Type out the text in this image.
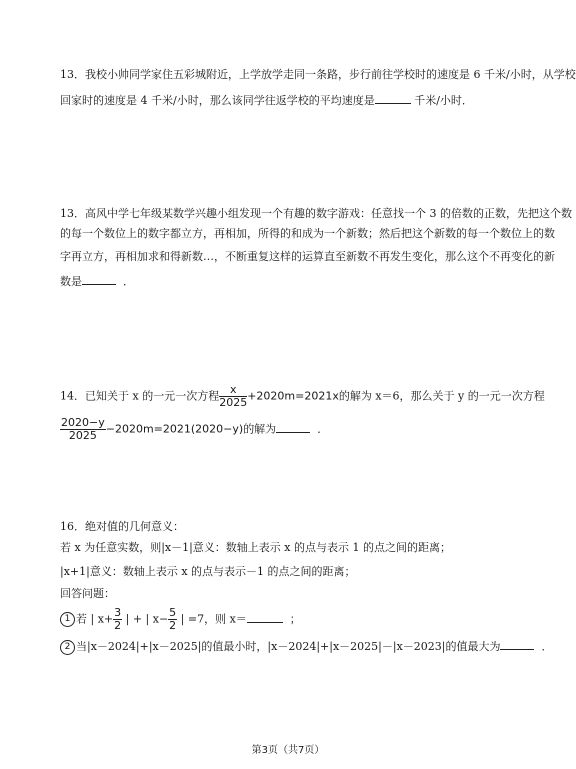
13．我校小帅同学家住五彩城附近，上学放学走同一条路，步行前往学校时的速度是 6 千米/小时，从学校
回家时的速度是 4 千米/小时，那么该同学往返学校的平均速度是	千米/小时．
13．高风中学七年级某数学兴趣小组发现一个有趣的数字游戏：任意找一个 3 的倍数的正数，先把这个数
的每一个数位上的数字都立方，再相加，所得的和成为一个新数；然后把这个新数的每一个数位上的数
字再立方，再相加求和得新数…，不断重复这样的运算直至新数不再发生变化，那么这个不再变化的新
数是	．
14．已知关于 x 的一元一次方程 $\frac{x}{2025} +2020m=2021x$的解为 x＝6，那么关于 y 的一元一次方程
$\frac{2020-y}{2025} -2020m=2021(2020-y)$的解为	．
16．绝对值的几何意义：
若 x 为任意实数，则|x－1|意义：数轴上表示 x 的点与表示 1 的点之间的距离；
|x+1|意义：数轴上表示 x 的点与表示－1 的点之间的距离；
回答问题：
1 若 | $x+ \frac{3}{2}$ | + | $x- \frac{5}{2}$ | =7，则 x＝	；
2 当|x－2024|+|x－2025|的值最小时，|x－2024|+|x－2025|－|x－2023|的值最大为	．
第3页（共7页）
